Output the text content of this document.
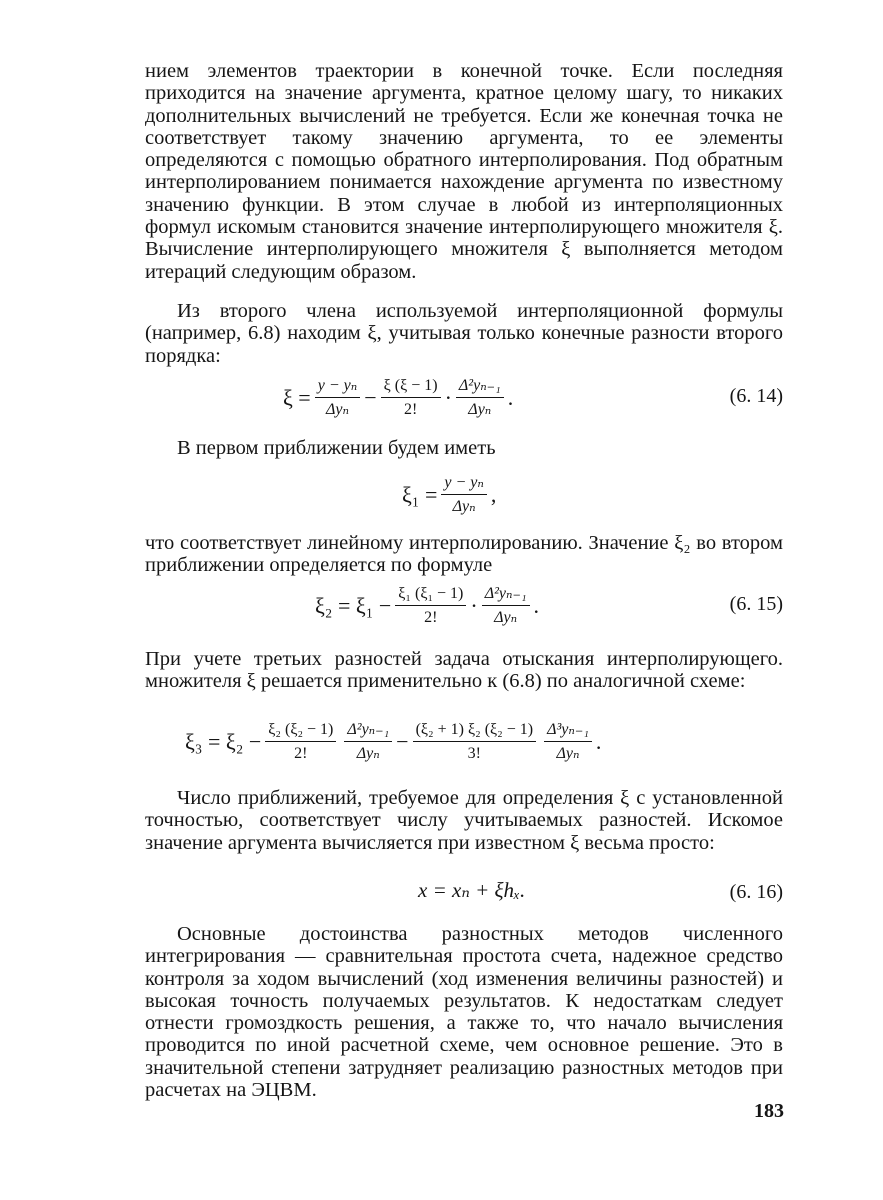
нием элементов траектории в конечной точке. Если последняя приходится на значение аргумента, кратное целому шагу, то никаких дополнительных вычислений не требуется. Если же конечная точка не соответствует такому значению аргумента, то ее элементы определяются с помощью обратного интерполирования. Под обратным интерполированием понимается нахождение аргумента по известному значению функции. В этом случае в любой из интерполяционных формул искомым становится значение интерполирующего множителя ξ. Вычисление интерполирующего множителя ξ выполняется методом итераций следующим образом.

Из второго члена используемой интерполяционной формулы (например, 6.8) находим ξ, учитывая только конечные разности второго порядка:

$\xi = \frac{\text{y − yₙ}}{\text{Δyₙ}} - \frac{\xi (\xi - 1)}{2!} \cdot \frac{\text{Δ²yₙ₋₁}}{\text{Δyₙ}}$ .	(6. 14)

В первом приближении будем иметь

$\xi_1 = \frac{\text{y − yₙ}}{\text{Δyₙ}}$ ,

что соответствует линейному интерполированию. Значение ξ₂ во втором приближении определяется по формуле

$\xi_2 = \xi_1 - \frac{\text{ξ₁ (ξ₁ − 1)}}{2!} \cdot \frac{\text{Δ²yₙ₋₁}}{\text{Δyₙ}}$ .	(6. 15)

При учете третьих разностей задача отыскания интерполирующего. множителя ξ решается применительно к (6.8) по аналогичной схеме:

$\xi_3 = \xi_2 - \frac{\text{ξ₂ (ξ₂ − 1)}}{2!} \frac{\text{Δ²yₙ₋₁}}{\text{Δyₙ}} - \frac{\text{(ξ₂ + 1) ξ₂ (ξ₂ − 1)}}{3!} \frac{\text{Δ³yₙ₋₁}}{\text{Δyₙ}}$ .

Число приближений, требуемое для определения ξ с установленной точностью, соответствует числу учитываемых разностей. Искомое значение аргумента вычисляется при известном ξ весьма просто:

x = xₙ + ξhₓ.	(6. 16)

Основные достоинства разностных методов численного интегрирования — сравнительная простота счета, надежное средство контроля за ходом вычислений (ход изменения величины разностей) и высокая точность получаемых результатов. К недостаткам следует отнести громоздкость решения, а также то, что начало вычисления проводится по иной расчетной схеме, чем основное решение. Это в значительной степени затрудняет реализацию разностных методов при расчетах на ЭЦВМ.

183
